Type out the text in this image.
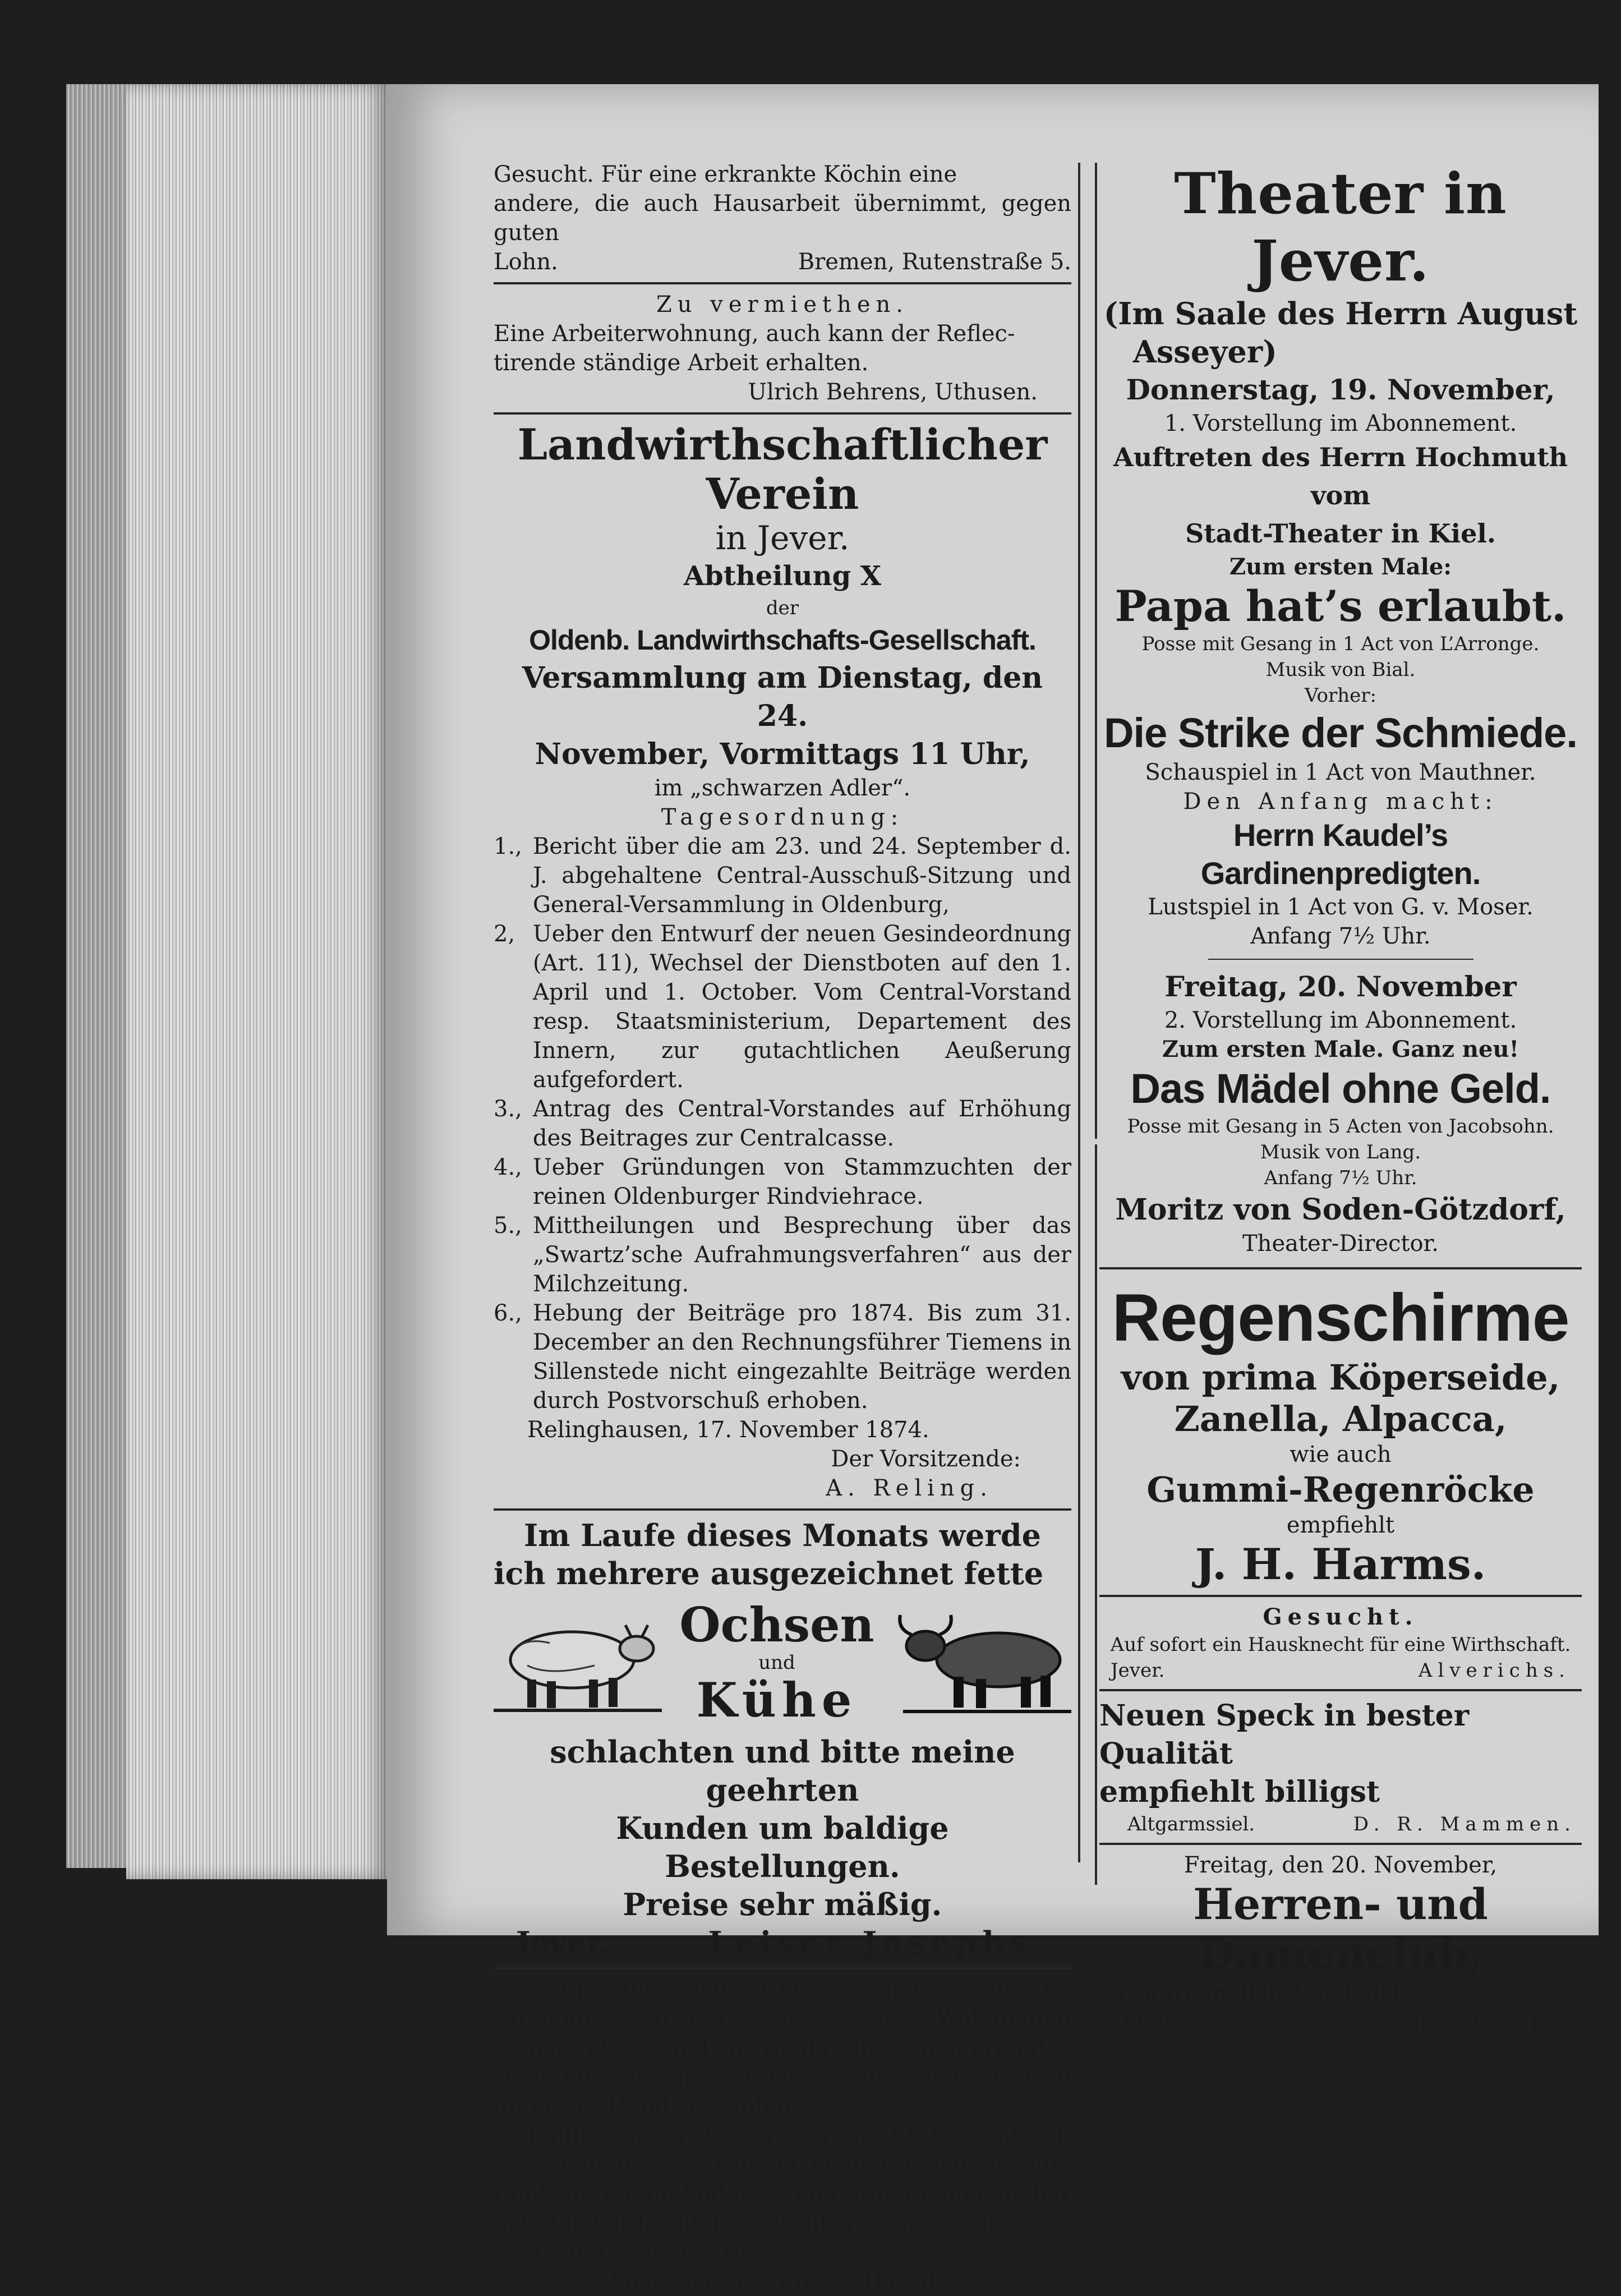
Gesucht. Für eine erkrankte Köchin eine

andere, die auch Hausarbeit übernimmt, gegen guten

Lohn.	Bremen, Rutenstraße 5.

Zu vermiethen.

Eine Arbeiterwohnung, auch kann der Reflec-

tirende ständige Arbeit erhalten.

Ulrich Behrens, Uthusen.

Landwirthschaftlicher Verein

in Jever.

Abtheilung X

der

Oldenb. Landwirthschafts-Gesellschaft.

Versammlung am Dienstag, den 24.

November, Vormittags 11 Uhr,

im „schwarzen Adler“.

Tagesordnung:

1., Bericht über die am 23. und 24. September d. J. abgehaltene Central-Ausschuß-Sitzung und General-Versammlung in Oldenburg,
2, Ueber den Entwurf der neuen Gesindeordnung (Art. 11), Wechsel der Dienstboten auf den 1. April und 1. October. Vom Central-Vorstand resp. Staatsministerium, Departement des Innern, zur gutachtlichen Aeußerung aufgefordert.
3., Antrag des Central-Vorstandes auf Erhöhung des Beitrages zur Centralcasse.
4., Ueber Gründungen von Stammzuchten der reinen Oldenburger Rindviehrace.
5., Mittheilungen und Besprechung über das „Swartz’sche Aufrahmungsverfahren“ aus der Milchzeitung.
6., Hebung der Beiträge pro 1874. Bis zum 31. December an den Rechnungsführer Tiemens in Sillenstede nicht eingezahlte Beiträge werden durch Postvorschuß erhoben.

Relinghausen, 17. November 1874.

Der Vorsitzende:

A. Reling.

Im Laufe dieses Monats werde

ich mehrere ausgezeichnet fette

Ochsen

und

Kühe

schlachten und bitte meine geehrten

Kunden um baldige Bestellungen.

Preise sehr mäßig.

Jever.	Leiser Josephs.

Wegzugshalber will Unterzeichneter sein im Kirchdorf Accum zu zwei Wohnungen eingerichtetes und vor wenig Jahren neu erbautes Haus mit sehr großem Obst- und Gemüse-Garten unter der Hand verkaufen.

Kaufliebhaber wollen sich am 29. Novemb., d. J., Nachmittags 2 Uhr, in meiner Wohnung zum Contrahiren einfinden; wenn irgend annehmbar geboten wird, soll der Zuschlag sofort erfolgen.

Accum, Nov. 13. 1874.

Johann Gerdes Held.

Theater in Jever.

(Im Saale des Herrn August

Asseyer)

Donnerstag, 19. November,

1. Vorstellung im Abonnement.

Auftreten des Herrn Hochmuth vom

Stadt-Theater in Kiel.

Zum ersten Male:

Papa hat’s erlaubt.

Posse mit Gesang in 1 Act von L’Arronge.

Musik von Bial.

Vorher:

Die Strike der Schmiede.

Schauspiel in 1 Act von Mauthner.

Den Anfang macht:

Herrn Kaudel’s Gardinenpredigten.

Lustspiel in 1 Act von G. v. Moser.

Anfang 7½ Uhr.

Freitag, 20. November

2. Vorstellung im Abonnement.

Zum ersten Male. Ganz neu!

Das Mädel ohne Geld.

Posse mit Gesang in 5 Acten von Jacobsohn.

Musik von Lang.

Anfang 7½ Uhr.

Moritz von Soden-Götzdorf,

Theater-Director.

Regenschirme

von prima Köperseide,

Zanella, Alpacca,

wie auch

Gummi-Regenröcke

empfiehlt

J. H. Harms.

Gesucht.

Auf sofort ein Hausknecht für eine Wirthschaft.

Jever.	Alverichs.

Neuen Speck in bester Qualität

empfiehlt billigst

Altgarmssiel.	D. R. Mammen.

Freitag, den 20. November,

Herren- und Damenclub,

wozu freundlichst einladet

Pievens.	Schönbohm.
